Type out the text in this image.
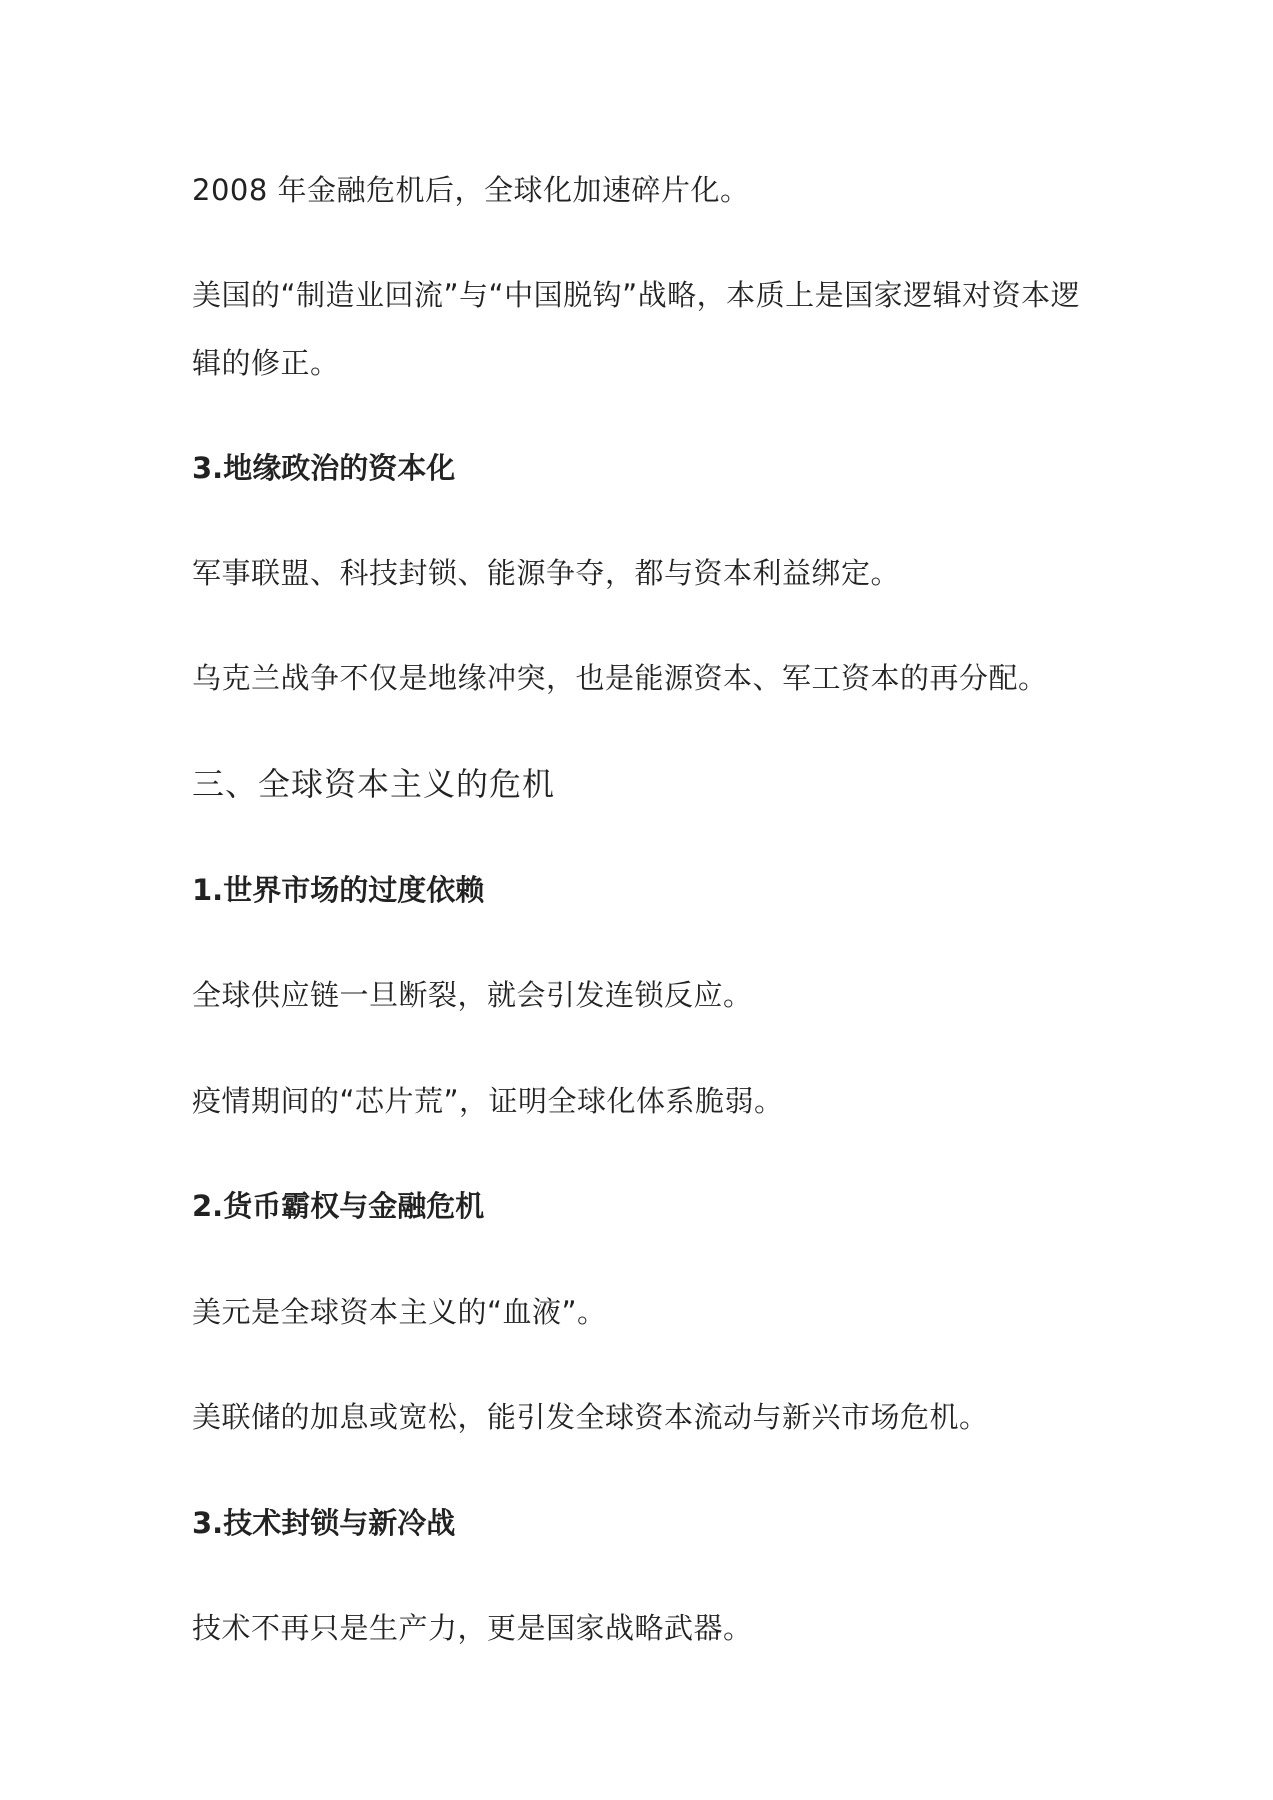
2008 年金融危机后，全球化加速碎片化。
美国的“制造业回流”与“中国脱钩”战略，本质上是国家逻辑对资本逻
辑的修正。
3.地缘政治的资本化
军事联盟、科技封锁、能源争夺，都与资本利益绑定。
乌克兰战争不仅是地缘冲突，也是能源资本、军工资本的再分配。
三、全球资本主义的危机
1.世界市场的过度依赖
全球供应链一旦断裂，就会引发连锁反应。
疫情期间的“芯片荒”，证明全球化体系脆弱。
2.货币霸权与金融危机
美元是全球资本主义的“血液”。
美联储的加息或宽松，能引发全球资本流动与新兴市场危机。
3.技术封锁与新冷战
技术不再只是生产力，更是国家战略武器。
